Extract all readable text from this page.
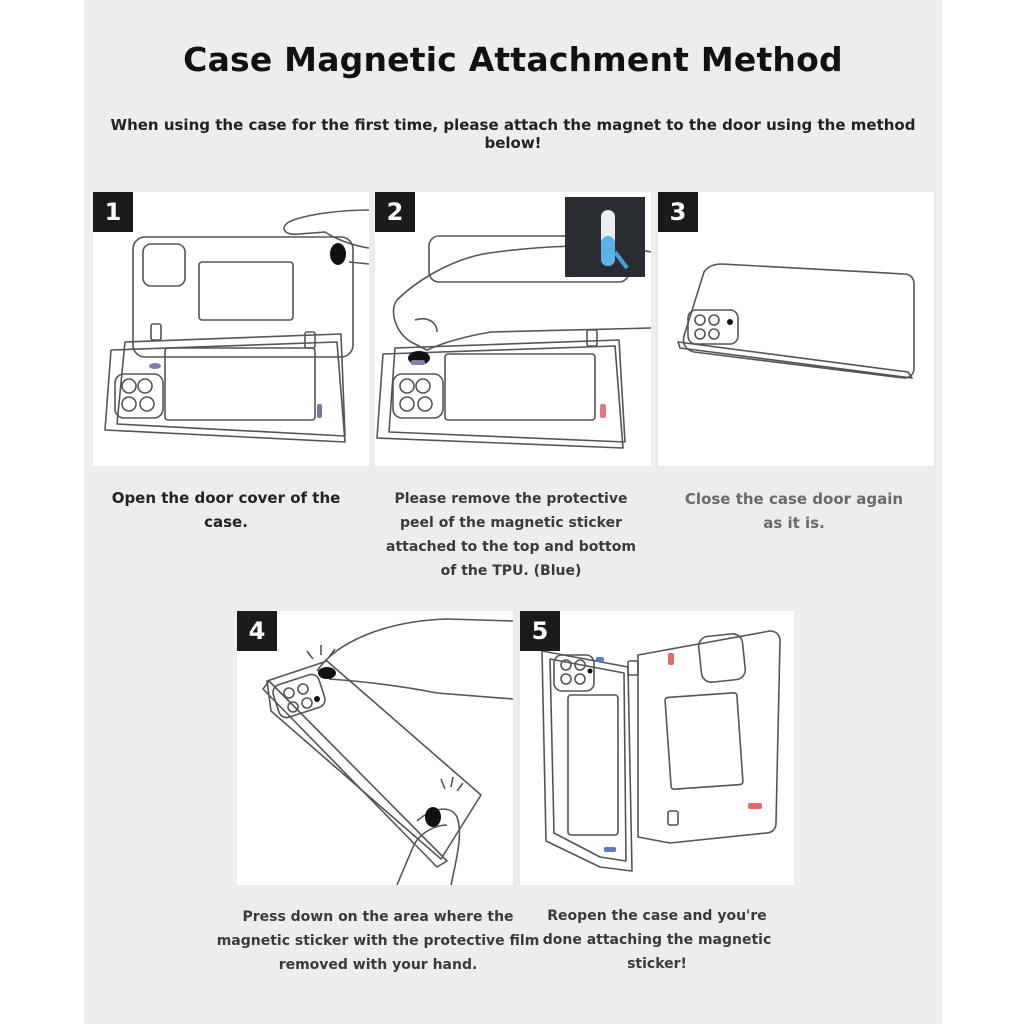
Case Magnetic Attachment Method
When using the case for the first time, please attach the magnet to the door using the method below!
1	2	3
4	5
Open the door cover of the case.
Please remove the protective
peel of the magnetic sticker
attached to the top and bottom
of the TPU. (Blue)
Close the case door again
as it is.
Press down on the area where the
magnetic sticker with the protective film
removed with your hand.
Reopen the case and you're
done attaching the magnetic
sticker!
